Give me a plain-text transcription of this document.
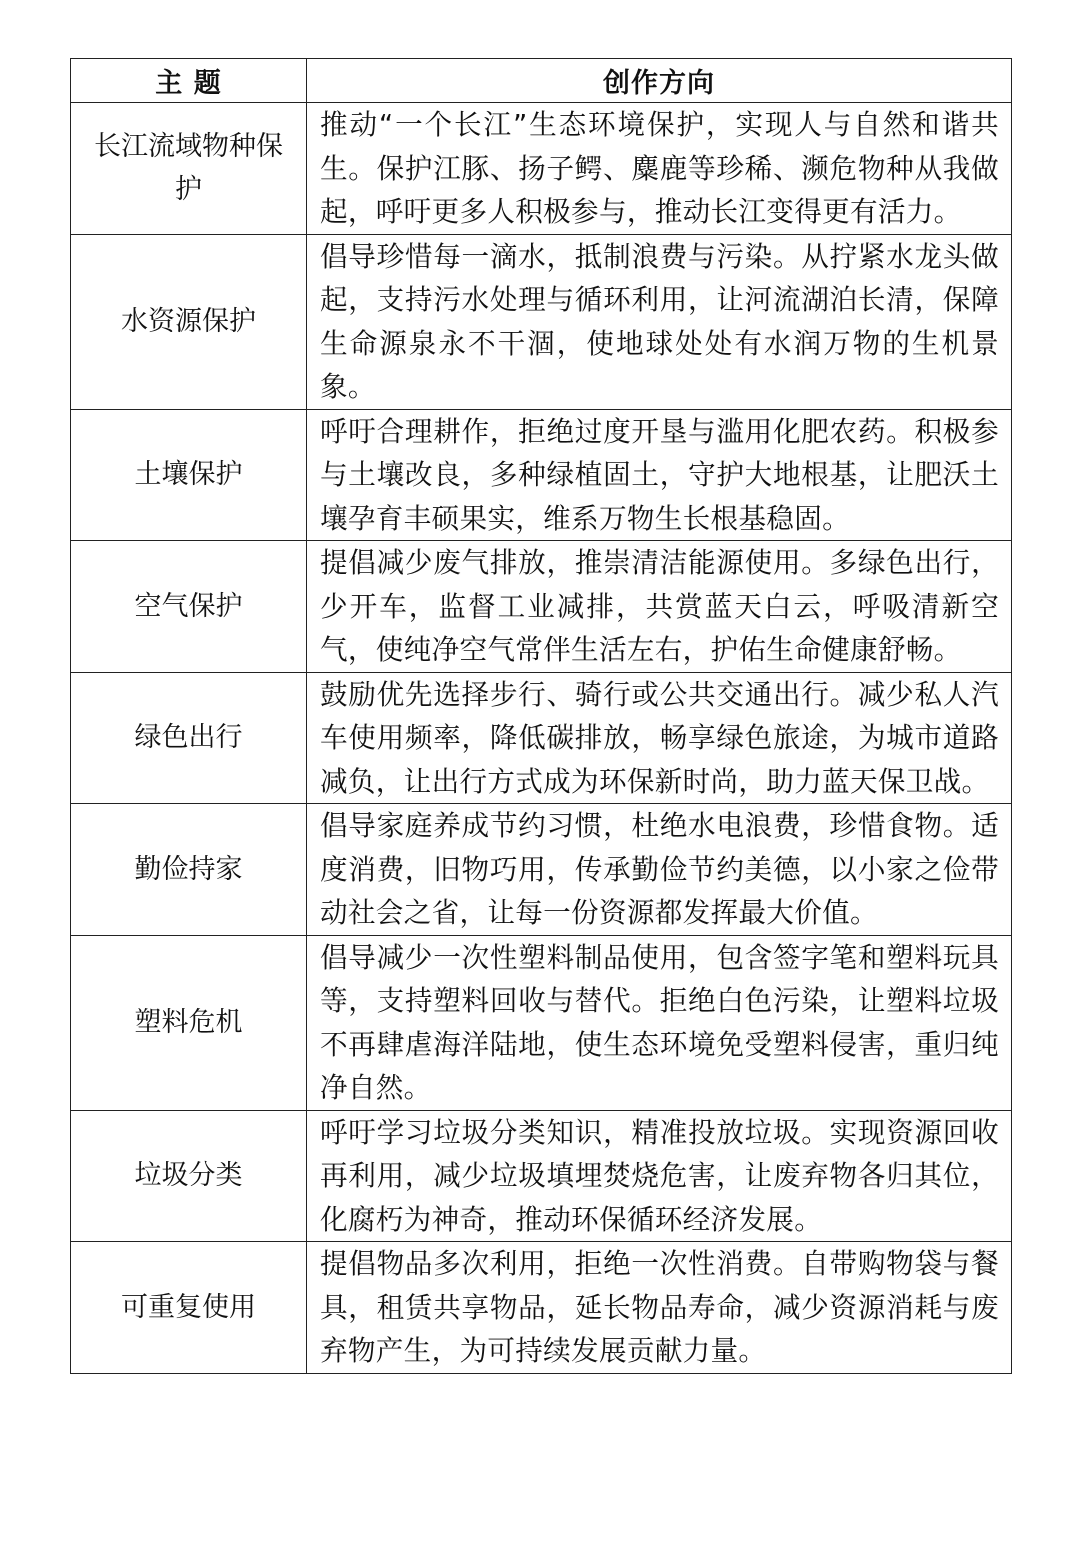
主 题	创作方向
长江流域物种保护	推动“一个长江”生态环境保护，实现人与自然和谐共生。保护江豚、扬子鳄、麋鹿等珍稀、濒危物种从我做起，呼吁更多人积极参与，推动长江变得更有活力。
水资源保护	倡导珍惜每一滴水，抵制浪费与污染。从拧紧水龙头做起，支持污水处理与循环利用，让河流湖泊长清，保障生命源泉永不干涸，使地球处处有水润万物的生机景象。
土壤保护	呼吁合理耕作，拒绝过度开垦与滥用化肥农药。积极参与土壤改良，多种绿植固土，守护大地根基，让肥沃土壤孕育丰硕果实，维系万物生长根基稳固。
空气保护	提倡减少废气排放，推崇清洁能源使用。多绿色出行，少开车，监督工业减排，共赏蓝天白云，呼吸清新空气，使纯净空气常伴生活左右，护佑生命健康舒畅。
绿色出行	鼓励优先选择步行、骑行或公共交通出行。减少私人汽车使用频率，降低碳排放，畅享绿色旅途，为城市道路减负，让出行方式成为环保新时尚，助力蓝天保卫战。
勤俭持家	倡导家庭养成节约习惯，杜绝水电浪费，珍惜食物。适度消费，旧物巧用，传承勤俭节约美德，以小家之俭带动社会之省，让每一份资源都发挥最大价值。
塑料危机	倡导减少一次性塑料制品使用，包含签字笔和塑料玩具等，支持塑料回收与替代。拒绝白色污染，让塑料垃圾不再肆虐海洋陆地，使生态环境免受塑料侵害，重归纯净自然。
垃圾分类	呼吁学习垃圾分类知识，精准投放垃圾。实现资源回收再利用，减少垃圾填埋焚烧危害，让废弃物各归其位，化腐朽为神奇，推动环保循环经济发展。
可重复使用	提倡物品多次利用，拒绝一次性消费。自带购物袋与餐具，租赁共享物品，延长物品寿命，减少资源消耗与废弃物产生，为可持续发展贡献力量。
